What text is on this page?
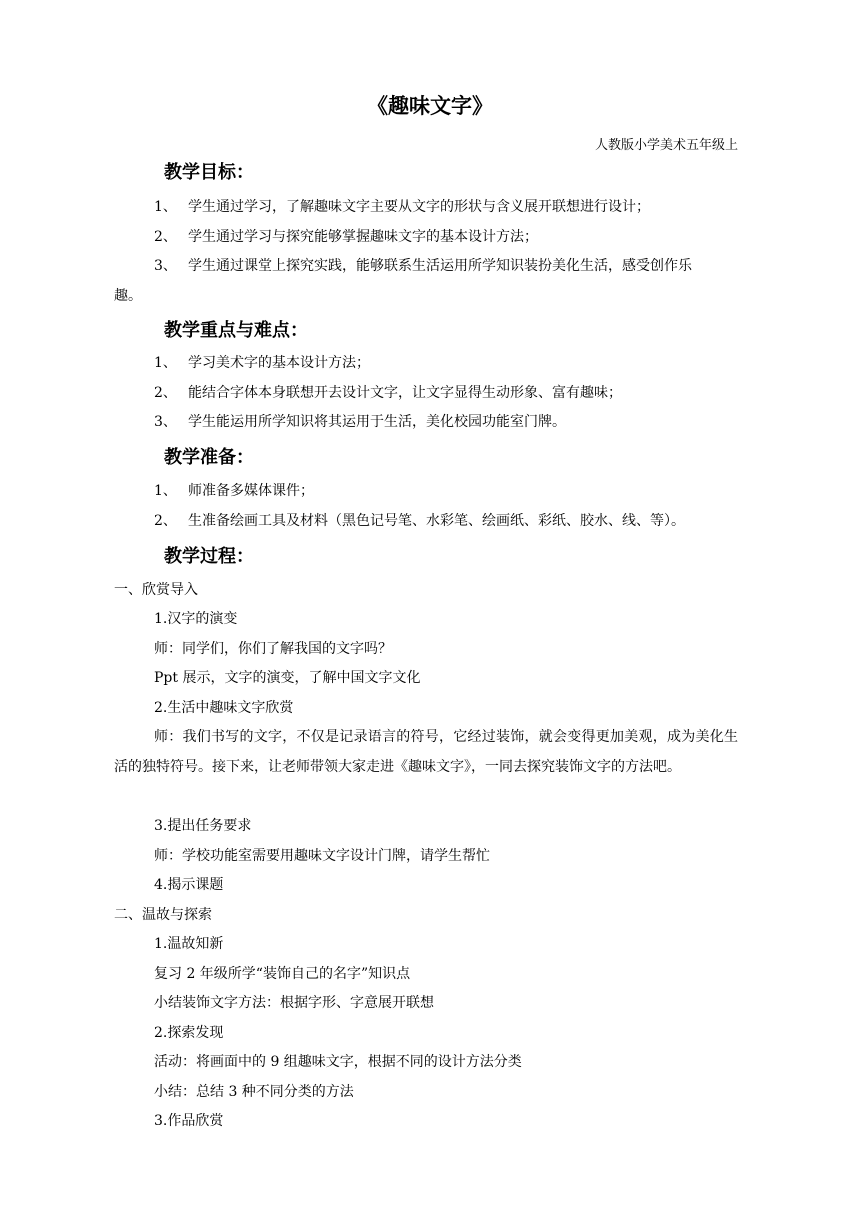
《趣味文字》
人教版小学美术五年级上
教学目标：
1、 学生通过学习，了解趣味文字主要从文字的形状与含义展开联想进行设计；
2、 学生通过学习与探究能够掌握趣味文字的基本设计方法；
3、 学生通过课堂上探究实践，能够联系生活运用所学知识装扮美化生活，感受创作乐
趣。
教学重点与难点：
1、 学习美术字的基本设计方法；
2、 能结合字体本身联想开去设计文字，让文字显得生动形象、富有趣味；
3、 学生能运用所学知识将其运用于生活，美化校园功能室门牌。
教学准备：
1、 师准备多媒体课件；
2、 生准备绘画工具及材料（黑色记号笔、水彩笔、绘画纸、彩纸、胶水、线、等）。
教学过程：
一、欣赏导入
1.汉字的演变
师：同学们，你们了解我国的文字吗？
Ppt 展示，文字的演变，了解中国文字文化
2.生活中趣味文字欣赏
师：我们书写的文字，不仅是记录语言的符号，它经过装饰，就会变得更加美观，成为美化生活的独特符号。接下来，让老师带领大家走进《趣味文字》，一同去探究装饰文字的方法吧。
3.提出任务要求
师：学校功能室需要用趣味文字设计门牌，请学生帮忙
4.揭示课题
二、温故与探索
1.温故知新
复习 2 年级所学“装饰自己的名字”知识点
小结装饰文字方法：根据字形、字意展开联想
2.探索发现
活动：将画面中的 9 组趣味文字，根据不同的设计方法分类
小结：总结 3 种不同分类的方法
3.作品欣赏
